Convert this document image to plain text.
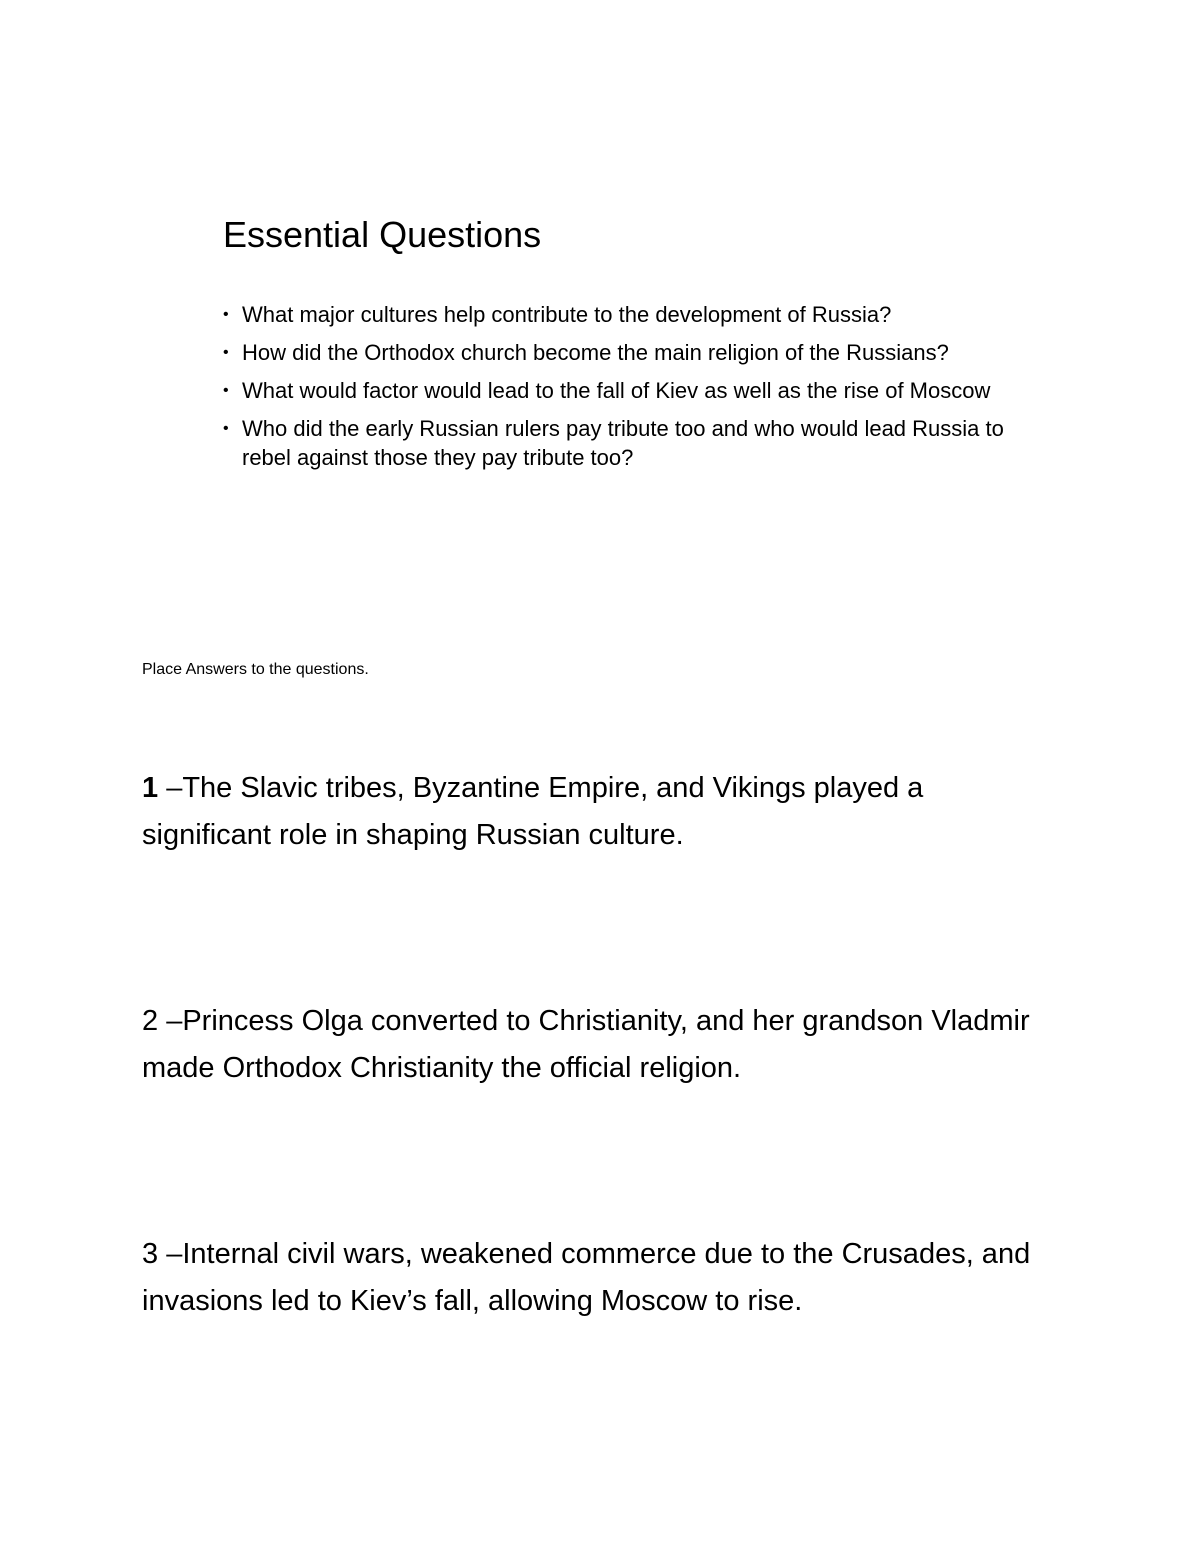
Essential Questions
• What major cultures help contribute to the development of Russia?
• How did the Orthodox church become the main religion of the Russians?
• What would factor would lead to the fall of Kiev as well as the rise of Moscow
• Who did the early Russian rulers pay tribute too and who would lead Russia to rebel against those they pay tribute too?
Place Answers to the questions.
1 –The Slavic tribes, Byzantine Empire, and Vikings played a significant role in shaping Russian culture.
2 –Princess Olga converted to Christianity, and her grandson Vladmir made Orthodox Christianity the official religion.
3 –Internal civil wars, weakened commerce due to the Crusades, and invasions led to Kiev’s fall, allowing Moscow to rise.
